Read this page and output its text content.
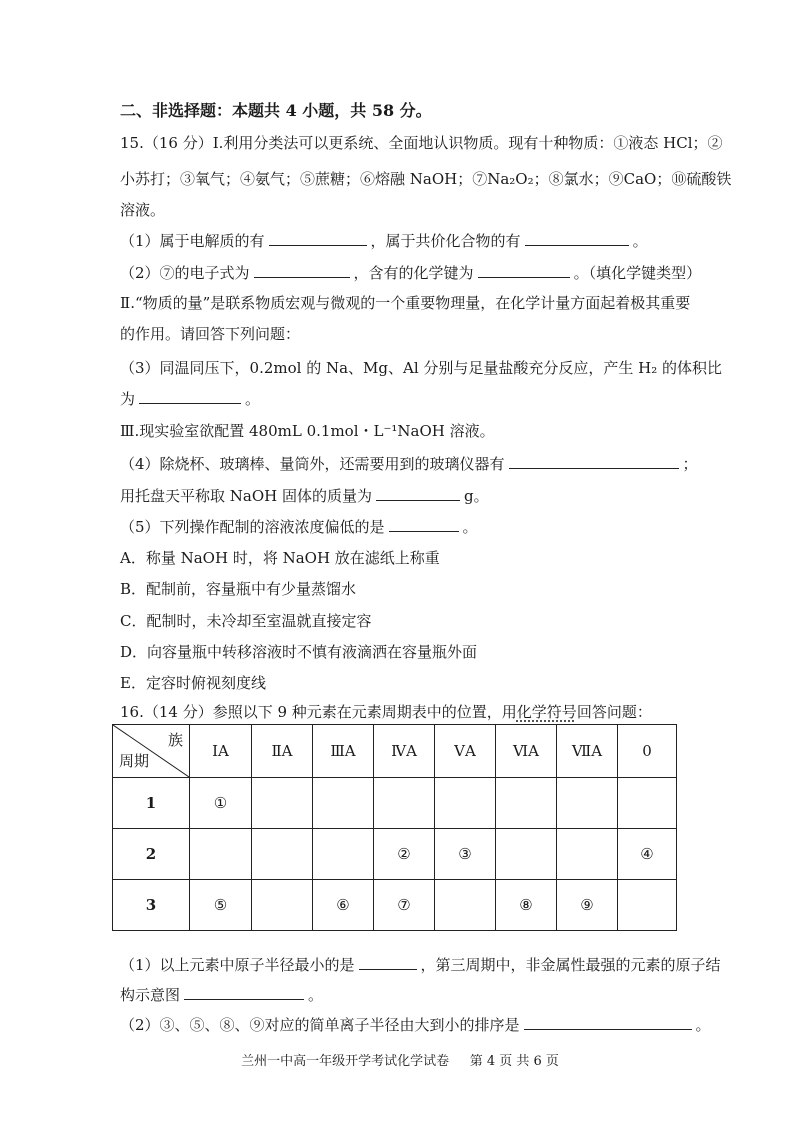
二、非选择题：本题共 4 小题，共 58 分。
15.（16 分）Ⅰ.利用分类法可以更系统、全面地认识物质。现有十种物质：①液态 HCl；②
小苏打；③氧气；④氨气；⑤蔗糖；⑥熔融 NaOH；⑦Na₂O₂；⑧氯水；⑨CaO；⑩硫酸铁
溶液。
（1）属于电解质的有	，属于共价化合物的有	。
（2）⑦的电子式为	，含有的化学键为	。（填化学键类型）
Ⅱ.“物质的量”是联系物质宏观与微观的一个重要物理量，在化学计量方面起着极其重要
的作用。请回答下列问题：
（3）同温同压下，0.2mol 的 Na、Mg、Al 分别与足量盐酸充分反应，产生 H₂ 的体积比
为	。
Ⅲ.现实验室欲配置 480mL 0.1mol・L⁻¹NaOH 溶液。
（4）除烧杯、玻璃棒、量筒外，还需要用到的玻璃仪器有	；
用托盘天平称取 NaOH 固体的质量为	g。
（5）下列操作配制的溶液浓度偏低的是	。
A．称量 NaOH 时，将 NaOH 放在滤纸上称重
B．配制前，容量瓶中有少量蒸馏水
C．配制时，未冷却至室温就直接定容
D．向容量瓶中转移溶液时不慎有液滴洒在容量瓶外面
E．定容时俯视刻度线
16.（14 分）参照以下 9 种元素在元素周期表中的位置，用化学符号回答问题：
族
周期	ⅠA	ⅡA	ⅢA	ⅣA	ⅤA	ⅥA	ⅦA	0
1	①							
2				②	③			④
3	⑤		⑥	⑦		⑧	⑨	
（1）以上元素中原子半径最小的是	，第三周期中，非金属性最强的元素的原子结
构示意图	。
（2）③、⑤、⑧、⑨对应的简单离子半径由大到小的排序是	。
兰州一中高一年级开学考试化学试卷     第 4 页 共 6 页
